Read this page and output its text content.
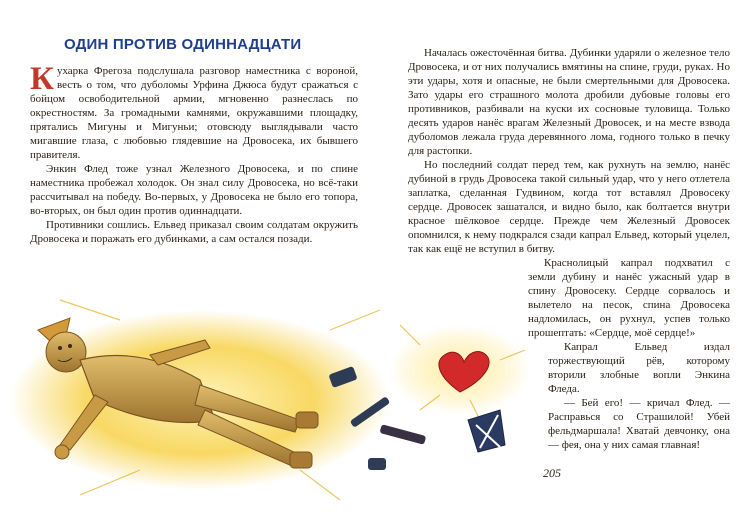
ОДИН ПРОТИВ ОДИННАДЦАТИ

Кухарка Фрегоза подслушала разговор наместника с вороной, весть о том, что дуболомы Урфина Джюса будут сражаться с бойцом освободительной армии, мгновенно разнеслась по окрестностям. За громадными камнями, окружавшими площадку, прятались Мигуны и Мигуньи; отовсюду выглядывали часто мигавшие глаза, с любовью глядевшие на Дровосека, их бывшего правителя.

Энкин Флед тоже узнал Железного Дровосека, и по спине наместника пробежал холодок. Он знал силу Дровосека, но всё-таки рассчитывал на победу. Во-первых, у Дровосека не было его топора, во-вторых, он был один против одиннадцати.

Противники сошлись. Ельвед приказал своим солдатам окружить Дровосека и поражать его дубинками, а сам остался позади.

Началась ожесточённая битва. Дубинки ударяли о железное тело Дровосека, и от них получались вмятины на спине, груди, руках. Но эти удары, хотя и опасные, не были смертельными для Дровосека. Зато удары его страшного молота дробили дубовые головы его противников, разбивали на куски их сосновые туловища. Только десять ударов нанёс врагам Железный Дровосек, и на месте взвода дуболомов лежала груда деревянного лома, годного только в печку для растопки.

Но последний солдат перед тем, как рухнуть на землю, нанёс дубиной в грудь Дровосека такой сильный удар, что у него отлетела заплатка, сделанная Гудвином, когда тот вставлял Дровосеку сердце. Дровосек зашатался, и видно было, как болтается внутри красное шёлковое сердце. Прежде чем Железный Дровосек опомнился, к нему подкрался сзади капрал Ельвед, который уцелел, так как ещё не вступил в битву.

Краснолицый капрал подхватил с земли дубину и нанёс ужасный удар в спину Дровосеку. Сердце сорвалось и вылетело на песок, спина Дровосека надломилась, он рухнул, успев только прошептать: «Сердце, моё сердце!»

Капрал Ельвед издал торжествующий рёв, которому вторили злобные вопли Энкина Фледа.

— Бей его! — кричал Флед. — Расправься со Страшилой! Убей фельдмаршала! Хватай девчонку, она — фея, она у них самая главная!

205
